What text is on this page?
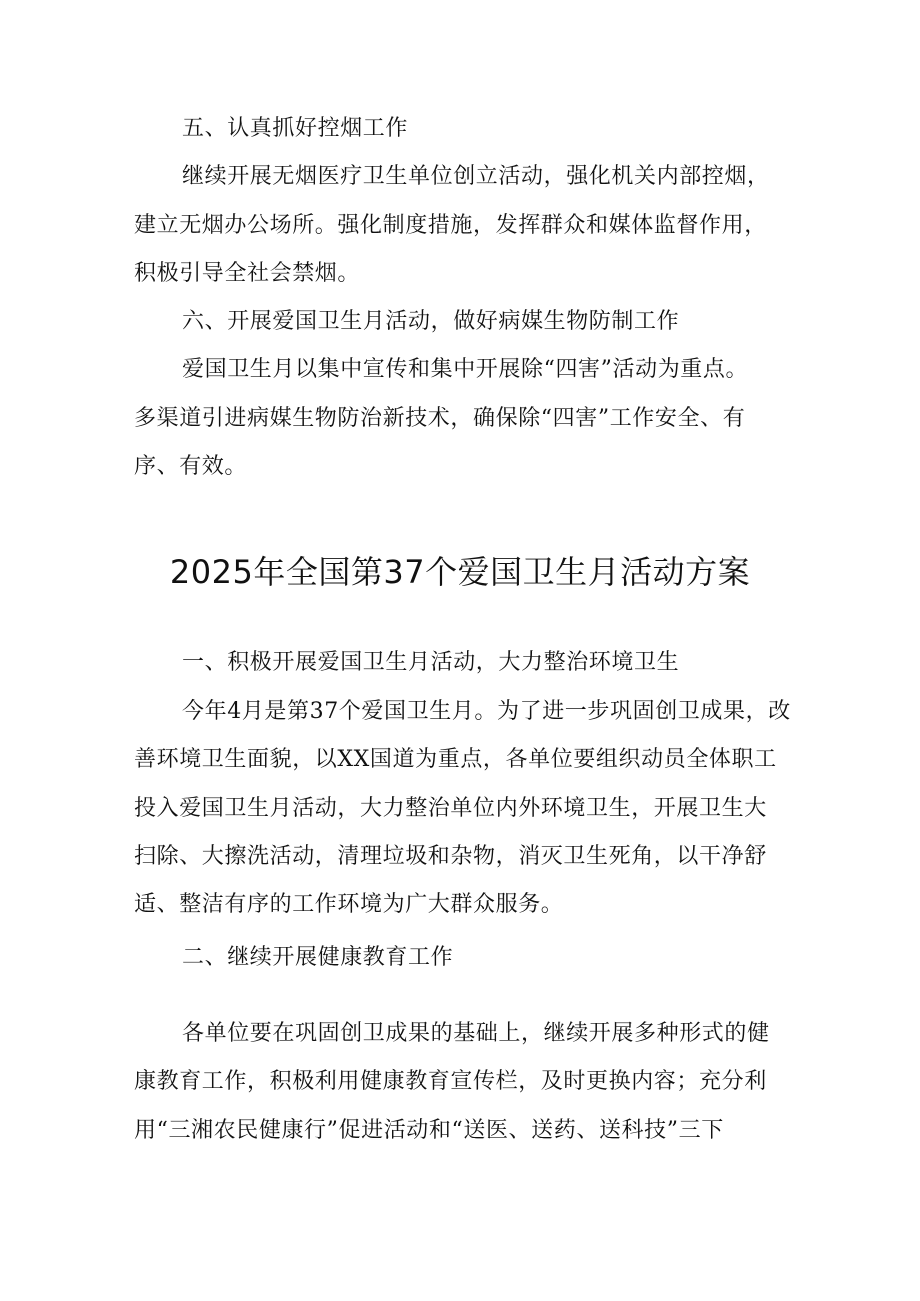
五、认真抓好控烟工作
继续开展无烟医疗卫生单位创立活动，强化机关内部控烟，
建立无烟办公场所。强化制度措施，发挥群众和媒体监督作用，
积极引导全社会禁烟。
六、开展爱国卫生月活动，做好病媒生物防制工作
爱国卫生月以集中宣传和集中开展除“四害”活动为重点。
多渠道引进病媒生物防治新技术，确保除“四害”工作安全、有
序、有效。
2025年全国第37个爱国卫生月活动方案
一、积极开展爱国卫生月活动，大力整治环境卫生
今年4月是第37个爱国卫生月。为了进一步巩固创卫成果，改
善环境卫生面貌，以XX国道为重点，各单位要组织动员全体职工
投入爱国卫生月活动，大力整治单位内外环境卫生，开展卫生大
扫除、大擦洗活动，清理垃圾和杂物，消灭卫生死角，以干净舒
适、整洁有序的工作环境为广大群众服务。
二、继续开展健康教育工作
各单位要在巩固创卫成果的基础上，继续开展多种形式的健
康教育工作，积极利用健康教育宣传栏，及时更换内容；充分利
用“三湘农民健康行”促进活动和“送医、送药、送科技”三下
